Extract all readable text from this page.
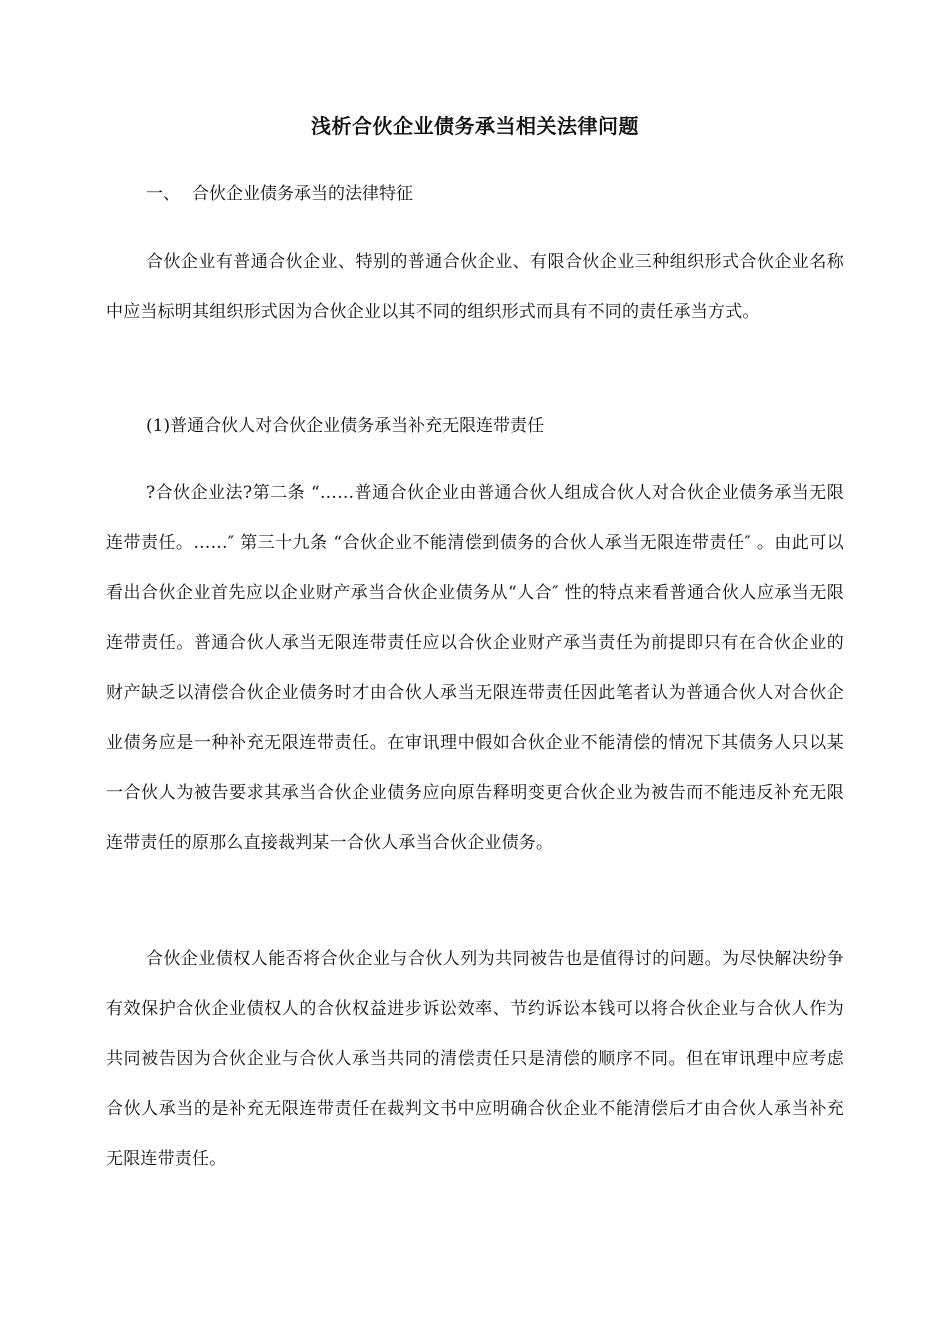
浅析合伙企业债务承当相关法律问题
一、 合伙企业债务承当的法律特征

合伙企业有普通合伙企业、特别的普通合伙企业、有限合伙企业三种组织形式合伙企业名称中应当标明其组织形式因为合伙企业以其不同的组织形式而具有不同的责任承当方式。

(1)普通合伙人对合伙企业债务承当补充无限连带责任

?合伙企业法?第二条 “……普通合伙企业由普通合伙人组成合伙人对合伙企业债务承当无限连带责任。……″ 第三十九条 “合伙企业不能清偿到债务的合伙人承当无限连带责任″ 。由此可以看出合伙企业首先应以企业财产承当合伙企业债务从“人合″ 性的特点来看普通合伙人应承当无限连带责任。普通合伙人承当无限连带责任应以合伙企业财产承当责任为前提即只有在合伙企业的财产缺乏以清偿合伙企业债务时才由合伙人承当无限连带责任因此笔者认为普通合伙人对合伙企业债务应是一种补充无限连带责任。在审讯理中假如合伙企业不能清偿的情况下其债务人只以某一合伙人为被告要求其承当合伙企业债务应向原告释明变更合伙企业为被告而不能违反补充无限连带责任的原那么直接裁判某一合伙人承当合伙企业债务。

合伙企业债权人能否将合伙企业与合伙人列为共同被告也是值得讨的问题。为尽快解决纷争有效保护合伙企业债权人的合伙权益进步诉讼效率、节约诉讼本钱可以将合伙企业与合伙人作为共同被告因为合伙企业与合伙人承当共同的清偿责任只是清偿的顺序不同。但在审讯理中应考虑合伙人承当的是补充无限连带责任在裁判文书中应明确合伙企业不能清偿后才由合伙人承当补充无限连带责任。
